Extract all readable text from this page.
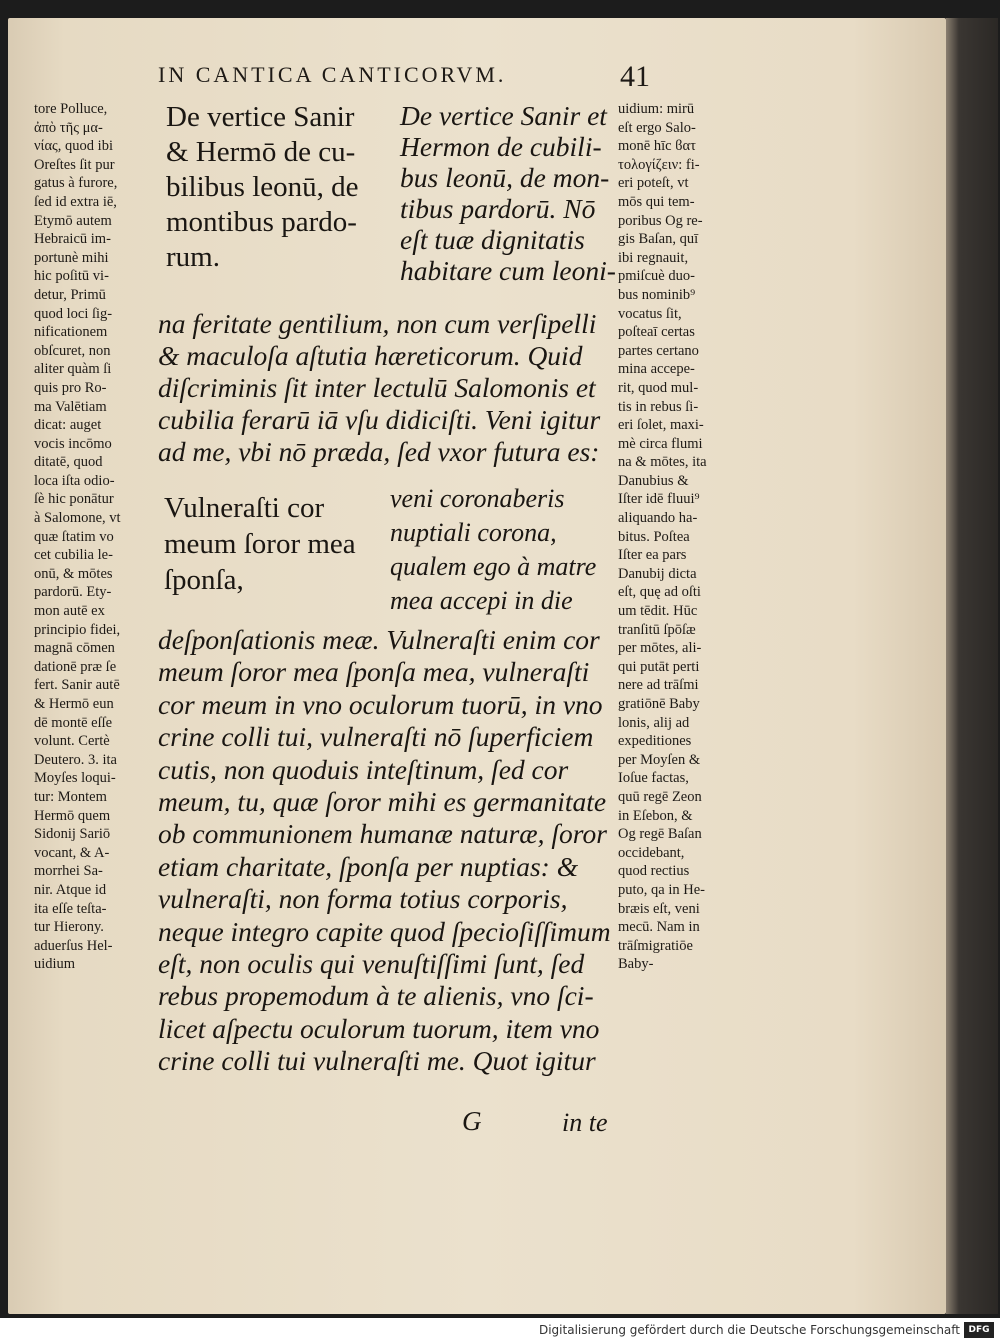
IN CANTICA CANTICORVM.	41
tore Polluce,
ἀπὸ τῆς μα-
νίας, quod ibi
Oreſtes ſit pur
gatus à furore,
ſed id extra iē,
Etymō autem
Hebraicū im-
portunè mihi
hic poſitū vi-
detur, Primū
quod loci ſig-
nificationem
obſcuret, non
aliter quàm ſi
quis pro Ro-
ma Valētiam
dicat: auget
vocis incōmo
ditatē, quod
loca iſta odio-
ſè hic ponātur
à Salomone, vt
quæ ſtatim vo
cet cubilia le-
onū, & mōtes
pardorū. Ety-
mon autē ex
principio fidei,
magnā cōmen
dationē præ ſe
fert. Sanir autē
& Hermō eun
dē montē eſſe
volunt. Certè
Deutero. 3. ita
Moyſes loqui-
tur: Montem
Hermō quem
Sidonij Sariō
vocant, & A-
morrhei Sa-
nir. Atque id
ita eſſe teſta-
tur Hierony.
aduerſus Hel-
uidium
De vertice Sanir
& Hermō de cu-
bilibus leonū, de
montibus pardo-
rum.
De vertice Sanir et
Hermon de cubili-
bus leonū, de mon-
tibus pardorū. Nō
eſt tuæ dignitatis
habitare cum leoni-
na feritate gentilium, non cum verſipelli
& maculoſa aſtutia hæreticorum. Quid
diſcriminis ſit inter lectulū Salomonis et
cubilia ferarū iā vſu didiciſti. Veni igitur
ad me, vbi nō præda, ſed vxor futura es:
Vulneraſti cor
meum ſoror mea
ſponſa,
veni coronaberis
nuptiali corona,
qualem ego à matre
mea accepi in die
deſponſationis meæ. Vulneraſti enim cor
meum ſoror mea ſponſa mea, vulneraſti
cor meum in vno oculorum tuorū, in vno
crine colli tui, vulneraſti nō ſuperficiem
cutis, non quoduis inteſtinum, ſed cor
meum, tu, quæ ſoror mihi es germanitate
ob communionem humanæ naturæ, ſoror
etiam charitate, ſponſa per nuptias: &
vulneraſti, non forma totius corporis,
neque integro capite quod ſpecioſiſſimum
eſt, non oculis qui venuſtiſſimi ſunt, ſed
rebus propemodum à te alienis, vno ſci-
licet aſpectu oculorum tuorum, item vno
crine colli tui vulneraſti me. Quot igitur
uidium: mirū
eſt ergo Salo-
monē hīc ϐατ
τολογίζειν: fi-
eri poteſt, vt
mōs qui tem-
poribus Og re-
gis Baſan, quī
ibi regnauit,
pmiſcuè duo-
bus nominib⁹
vocatus ſit,
poſteaī certas
partes certano
mina accepe-
rit, quod mul-
tis in rebus ſi-
eri ſolet, maxi-
mè circa flumi
na & mōtes, ita
Danubius &
Iſter idē fluui⁹
aliquando ha-
bitus. Poſtea
Iſter ea pars
Danubij dicta
eſt, quę ad oſti
um tēdit. Hūc
tranſitū ſpōſæ
per mōtes, ali-
qui putāt perti
nere ad trāſmi
gratiōnē Baby
lonis, alij ad
expeditiones
per Moyſen &
Ioſue factas,
quū regē Zeon
in Eſebon, &
Og regē Baſan
occidebant,
quod rectius
puto, qa in He-
bræis eſt, veni
mecū. Nam in
trāſmigratiōe
Baby-
G	in te
Digitalisierung gefördert durch die Deutsche Forschungsgemeinschaft DFG
